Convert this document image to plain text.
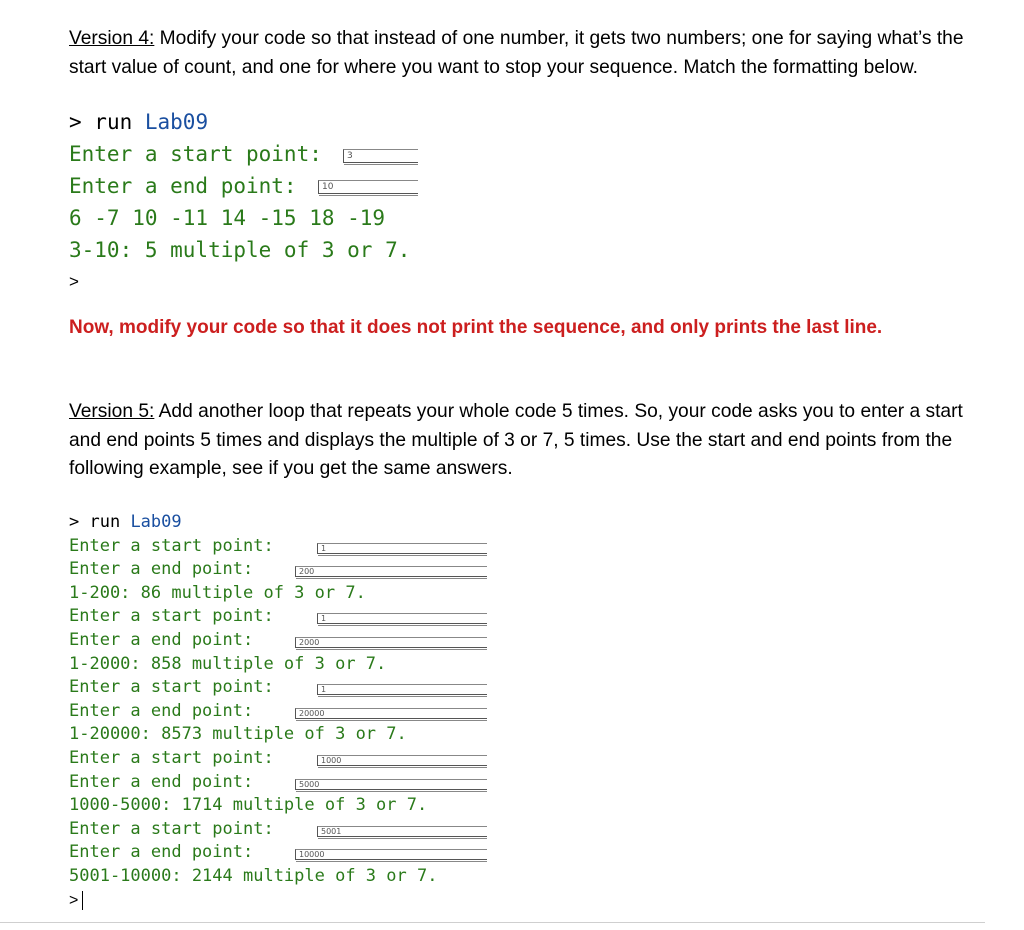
Version 4: Modify your code so that instead of one number, it gets two numbers; one for saying what’s the start value of count, and one for where you want to stop your sequence. Match the formatting below.
> run Lab09
Enter a start point:	3
Enter a end point:	10
6 -7 10 -11 14 -15 18 -19
3-10: 5 multiple of 3 or 7.
>
Now, modify your code so that it does not print the sequence, and only prints the last line.
Version 5: Add another loop that repeats your whole code 5 times. So, your code asks you to enter a start and end points 5 times and displays the multiple of 3 or 7, 5 times. Use the start and end points from the following example, see if you get the same answers.
> run Lab09
Enter a start point:	1
Enter a end point:	200
1-200: 86 multiple of 3 or 7.
Enter a start point:	1
Enter a end point:	2000
1-2000: 858 multiple of 3 or 7.
Enter a start point:	1
Enter a end point:	20000
1-20000: 8573 multiple of 3 or 7.
Enter a start point:	1000
Enter a end point:	5000
1000-5000: 1714 multiple of 3 or 7.
Enter a start point:	5001
Enter a end point:	10000
5001-10000: 2144 multiple of 3 or 7.
>
